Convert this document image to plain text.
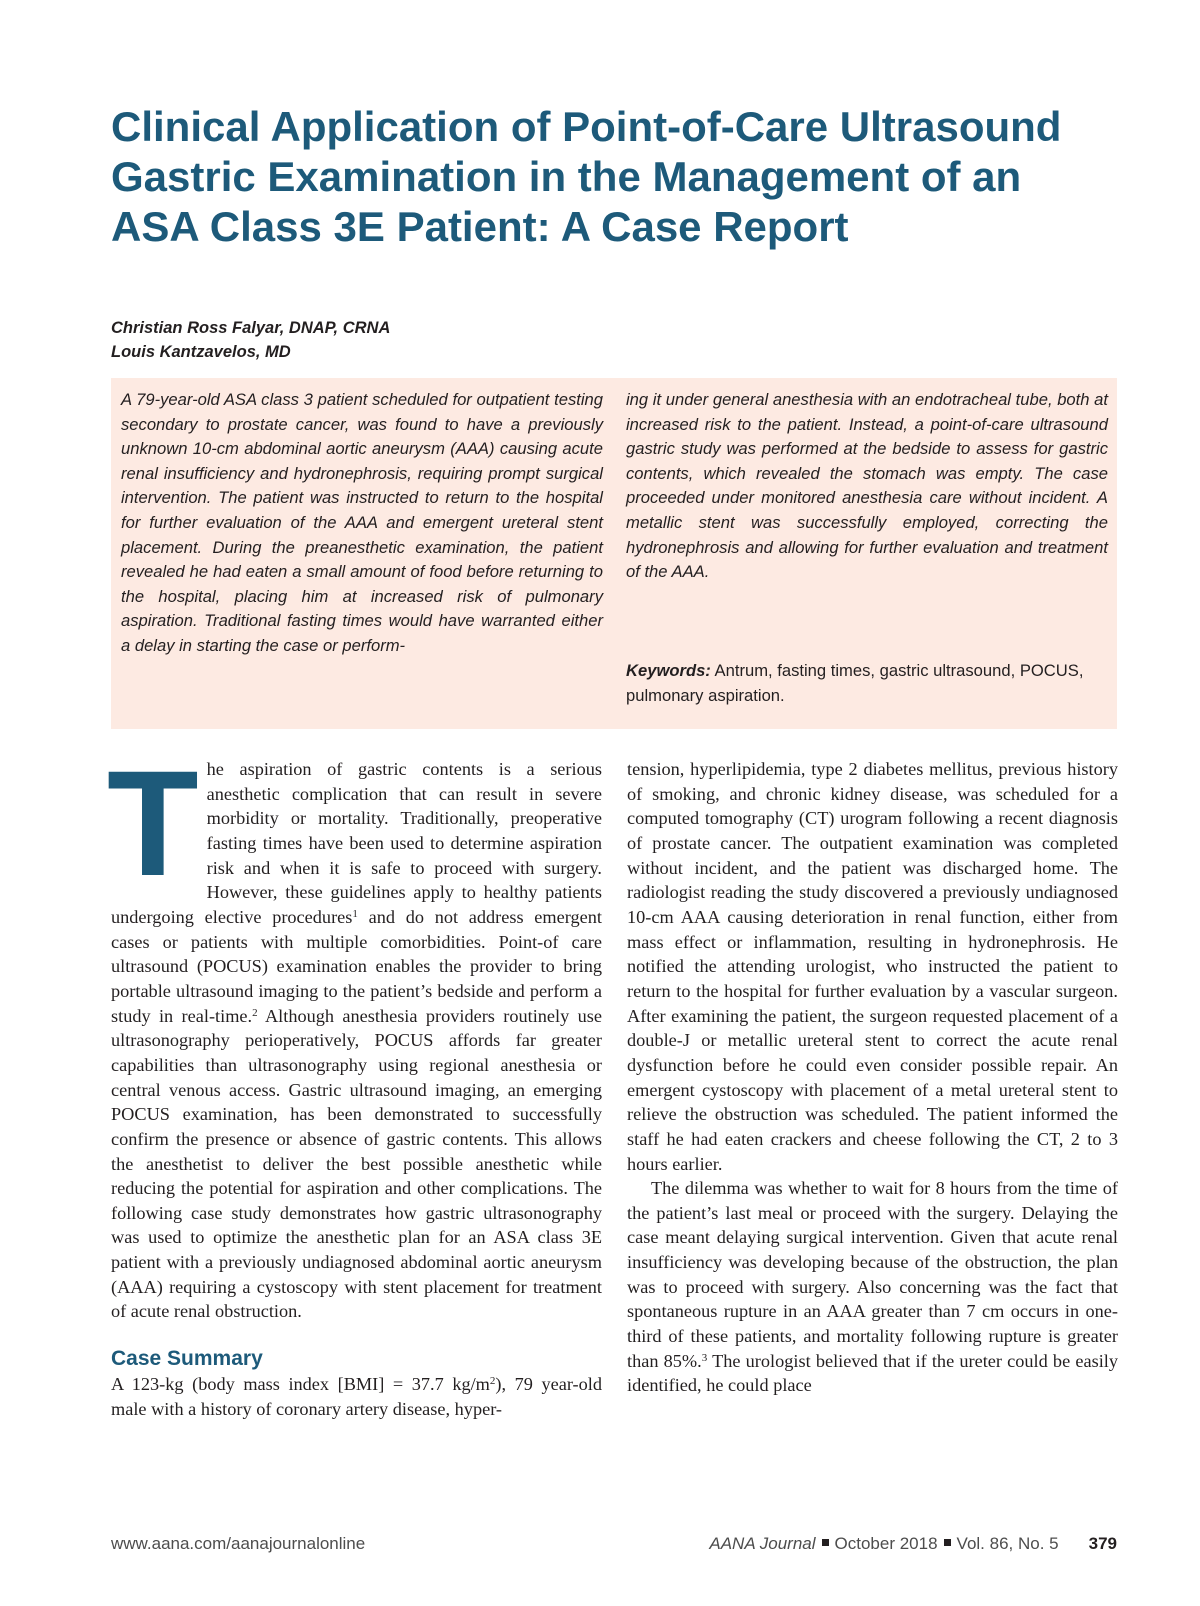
Clinical Application of Point-of-Care Ultrasound
Gastric Examination in the Management of an
ASA Class 3E Patient: A Case Report
Christian Ross Falyar, DNAP, CRNA
Louis Kantzavelos, MD
A 79-year-old ASA class 3 patient scheduled for outpatient testing secondary to prostate cancer, was found to have a previously unknown 10-cm abdominal aortic aneurysm (AAA) causing acute renal insufficiency and hydronephrosis, requiring prompt surgical intervention. The patient was instructed to return to the hospital for further evaluation of the AAA and emergent ureteral stent placement. During the preanesthetic examination, the patient revealed he had eaten a small amount of food before returning to the hospital, placing him at increased risk of pulmonary aspiration. Traditional fasting times would have warranted either a delay in starting the case or perform-
ing it under general anesthesia with an endotracheal tube, both at increased risk to the patient. Instead, a point-of-care ultrasound gastric study was performed at the bedside to assess for gastric contents, which revealed the stomach was empty. The case proceeded under monitored anesthesia care without incident. A metallic stent was successfully employed, correcting the hydronephrosis and allowing for further evaluation and treatment of the AAA.
Keywords: Antrum, fasting times, gastric ultrasound, POCUS, pulmonary aspiration.

The aspiration of gastric contents is a serious anesthetic complication that can result in severe morbidity or mortality. Traditionally, preoperative fasting times have been used to determine aspiration risk and when it is safe to proceed with surgery. However, these guidelines apply to healthy patients undergoing elective procedures$^1$ and do not address emergent cases or patients with multiple comorbidities. Point-of care ultrasound (POCUS) examination enables the provider to bring portable ultrasound imaging to the patient’s bedside and perform a study in real-time.$^2$ Although anesthesia providers routinely use ultrasonography perioperatively, POCUS affords far greater capabilities than ultrasonography using regional anesthesia or central venous access. Gastric ultrasound imaging, an emerging POCUS examination, has been demonstrated to successfully confirm the presence or absence of gastric contents. This allows the anesthetist to deliver the best possible anesthetic while reducing the potential for aspiration and other complications. The following case study demonstrates how gastric ultrasonography was used to optimize the anesthetic plan for an ASA class 3E patient with a previously undiagnosed abdominal aortic aneurysm (AAA) requiring a cystoscopy with stent placement for treatment of acute renal obstruction.

Case Summary

A 123-kg (body mass index [BMI] = 37.7 $kg/m^2$), 79 year-old male with a history of coronary artery disease, hyper-

tension, hyperlipidemia, type 2 diabetes mellitus, previous history of smoking, and chronic kidney disease, was scheduled for a computed tomography (CT) urogram following a recent diagnosis of prostate cancer. The outpatient examination was completed without incident, and the patient was discharged home. The radiologist reading the study discovered a previously undiagnosed 10-cm AAA causing deterioration in renal function, either from mass effect or inflammation, resulting in hydronephrosis. He notified the attending urologist, who instructed the patient to return to the hospital for further evaluation by a vascular surgeon. After examining the patient, the surgeon requested placement of a double-J or metallic ureteral stent to correct the acute renal dysfunction before he could even consider possible repair. An emergent cystoscopy with placement of a metal ureteral stent to relieve the obstruction was scheduled. The patient informed the staff he had eaten crackers and cheese following the CT, 2 to 3 hours earlier.

The dilemma was whether to wait for 8 hours from the time of the patient’s last meal or proceed with the surgery. Delaying the case meant delaying surgical intervention. Given that acute renal insufficiency was developing because of the obstruction, the plan was to proceed with surgery. Also concerning was the fact that spontaneous rupture in an AAA greater than 7 cm occurs in one-third of these patients, and mortality following rupture is greater than 85%.$^3$ The urologist believed that if the ureter could be easily identified, he could place

www.aana.com/aanajournalonline	AANA Journal October 2018 Vol. 86, No. 5 379
